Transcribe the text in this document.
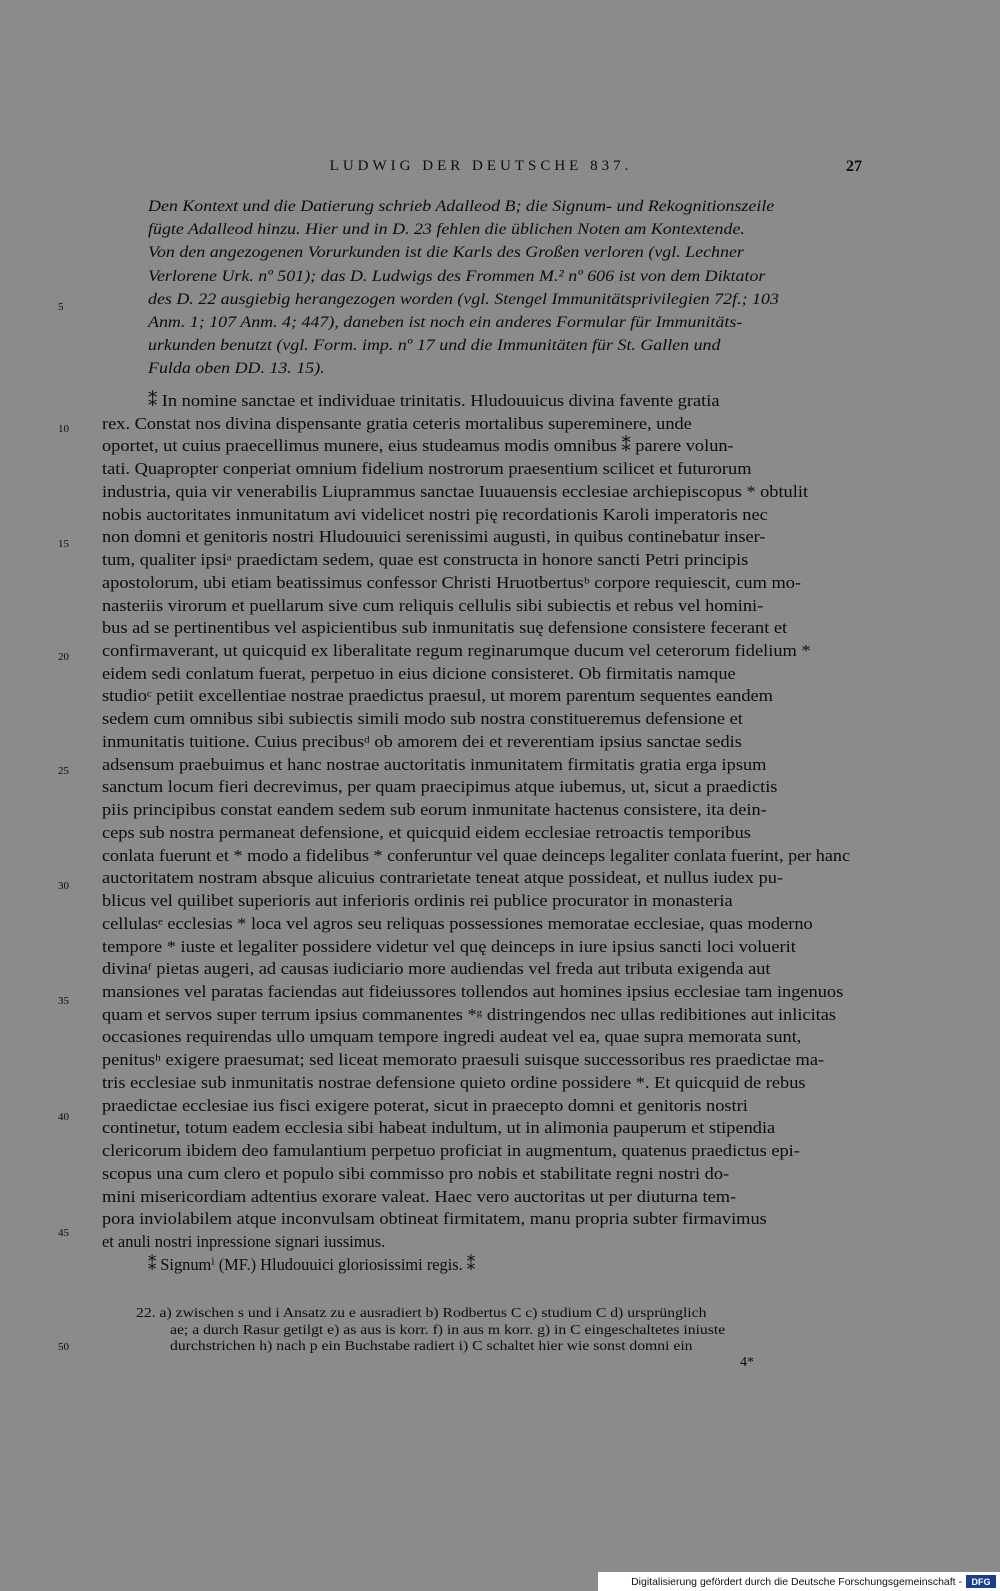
LUDWIG DER DEUTSCHE 837.	27
Den Kontext und die Datierung schrieb Adalleod B; die Signum- und Rekognitionszeile
fügte Adalleod hinzu. Hier und in D. 23 fehlen die üblichen Noten am Kontextende.
Von den angezogenen Vorurkunden ist die Karls des Großen verloren (vgl. Lechner
Verlorene Urk. nº 501); das D. Ludwigs des Frommen M.² nº 606 ist von dem Diktator
des D. 22 ausgiebig herangezogen worden (vgl. Stengel Immunitätsprivilegien 72f.; 103
Anm. 1; 107 Anm. 4; 447), daneben ist noch ein anderes Formular für Immunitäts-
urkunden benutzt (vgl. Form. imp. nº 17 und die Immunitäten für St. Gallen und
Fulda oben DD. 13. 15).
⁑ In nomine sanctae et individuae trinitatis. Hludouuicus divina favente gratia
rex. Constat nos divina dispensante gratia ceteris mortalibus supereminere, unde
oportet, ut cuius praecellimus munere, eius studeamus modis omnibus ⁑ parere volun-
tati. Quapropter conperiat omnium fidelium nostrorum praesentium scilicet et futurorum
industria, quia vir venerabilis Liuprammus sanctae Iuuauensis ecclesiae archiepiscopus * obtulit
nobis auctoritates inmunitatum avi videlicet nostri pię recordationis Karoli imperatoris nec
non domni et genitoris nostri Hludouuici serenissimi augusti, in quibus continebatur inser-
tum, qualiter ipsiᵃ praedictam sedem, quae est constructa in honore sancti Petri principis
apostolorum, ubi etiam beatissimus confessor Christi Hruotbertusᵇ corpore requiescit, cum mo-
nasteriis virorum et puellarum sive cum reliquis cellulis sibi subiectis et rebus vel homini-
bus ad se pertinentibus vel aspicientibus sub inmunitatis suę defensione consistere fecerant et
confirmaverant, ut quicquid ex liberalitate regum reginarumque ducum vel ceterorum fidelium *
eidem sedi conlatum fuerat, perpetuo in eius dicione consisteret. Ob firmitatis namque
studioᶜ petiit excellentiae nostrae praedictus praesul, ut morem parentum sequentes eandem
sedem cum omnibus sibi subiectis simili modo sub nostra constitueremus defensione et
inmunitatis tuitione. Cuius precibusᵈ ob amorem dei et reverentiam ipsius sanctae sedis
adsensum praebuimus et hanc nostrae auctoritatis inmunitatem firmitatis gratia erga ipsum
sanctum locum fieri decrevimus, per quam praecipimus atque iubemus, ut, sicut a praedictis
piis principibus constat eandem sedem sub eorum inmunitate hactenus consistere, ita dein-
ceps sub nostra permaneat defensione, et quicquid eidem ecclesiae retroactis temporibus
conlata fuerunt et * modo a fidelibus * conferuntur vel quae deinceps legaliter conlata fuerint, per hanc
auctoritatem nostram absque alicuius contrarietate teneat atque possideat, et nullus iudex pu-
blicus vel quilibet superioris aut inferioris ordinis rei publice procurator in monasteria
cellulasᵉ ecclesias * loca vel agros seu reliquas possessiones memoratae ecclesiae, quas moderno
tempore * iuste et legaliter possidere videtur vel quę deinceps in iure ipsius sancti loci voluerit
divinaᶠ pietas augeri, ad causas iudiciario more audiendas vel freda aut tributa exigenda aut
mansiones vel paratas faciendas aut fideiussores tollendos aut homines ipsius ecclesiae tam ingenuos
quam et servos super terrum ipsius commanentes *ᵍ distringendos nec ullas redibitiones aut inlicitas
occasiones requirendas ullo umquam tempore ingredi audeat vel ea, quae supra memorata sunt,
penitusʰ exigere praesumat; sed liceat memorato praesuli suisque successoribus res praedictae ma-
tris ecclesiae sub inmunitatis nostrae defensione quieto ordine possidere *. Et quicquid de rebus
praedictae ecclesiae ius fisci exigere poterat, sicut in praecepto domni et genitoris nostri
continetur, totum eadem ecclesia sibi habeat indultum, ut in alimonia pauperum et stipendia
clericorum ibidem deo famulantium perpetuo proficiat in augmentum, quatenus praedictus epi-
scopus una cum clero et populo sibi commisso pro nobis et stabilitate regni nostri do-
mini misericordiam adtentius exorare valeat. Haec vero auctoritas ut per diuturna tem-
pora inviolabilem atque inconvulsam obtineat firmitatem, manu propria subter firmavimus
et anuli nostri inpressione signari iussimus.
⁑ Signumⁱ (MF.) Hludouuici gloriosissimi regis. ⁑
22. a) zwischen s und i Ansatz zu e ausradiert b) Rodbertus C c) studium C d) ursprünglich
ae; a durch Rasur getilgt e) as aus is korr. f) in aus m korr. g) in C eingeschaltetes iniuste
durchstrichen h) nach p ein Buchstabe radiert i) C schaltet hier wie sonst domni ein
4*
5
10
15
20
25
30
35
40
45
50
Digitalisierung gefördert durch die Deutsche Forschungsgemeinschaft -	DFG
